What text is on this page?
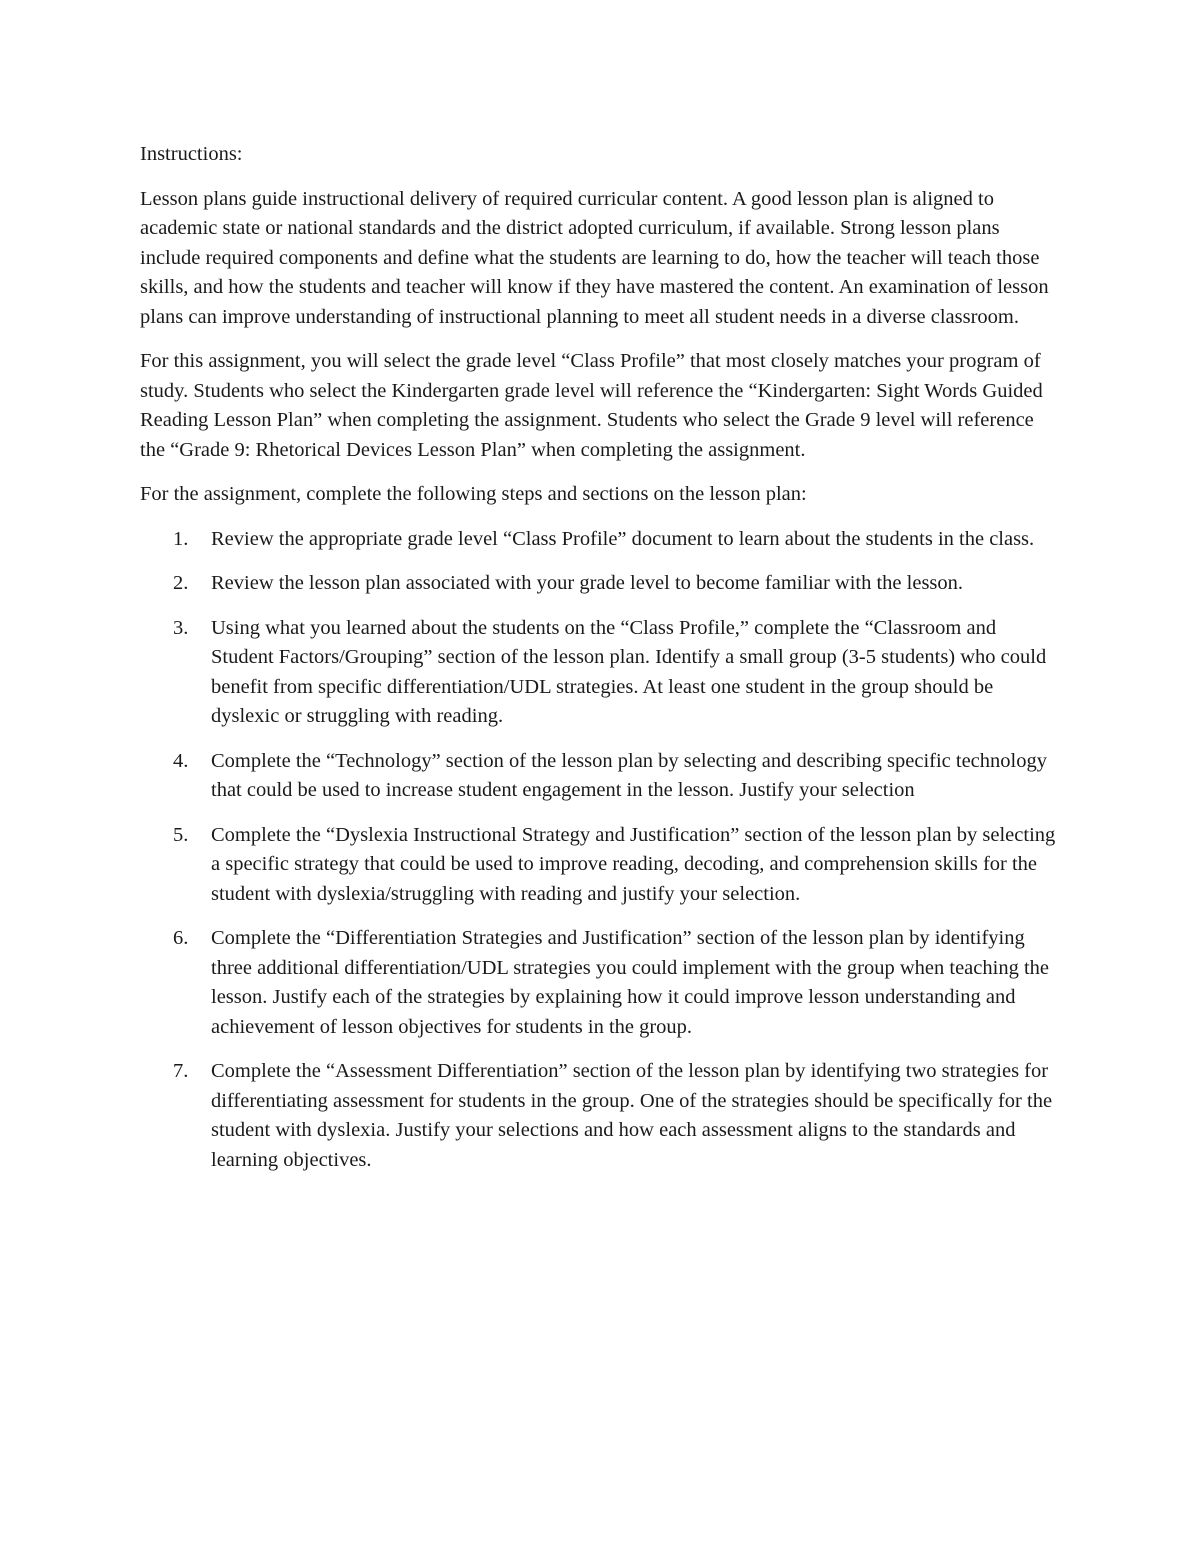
Instructions:

Lesson plans guide instructional delivery of required curricular content. A good lesson plan is aligned to academic state or national standards and the district adopted curriculum, if available. Strong lesson plans include required components and define what the students are learning to do, how the teacher will teach those skills, and how the students and teacher will know if they have mastered the content. An examination of lesson plans can improve understanding of instructional planning to meet all student needs in a diverse classroom.

For this assignment, you will select the grade level “Class Profile” that most closely matches your program of study. Students who select the Kindergarten grade level will reference the “Kindergarten: Sight Words Guided Reading Lesson Plan” when completing the assignment. Students who select the Grade 9 level will reference the “Grade 9: Rhetorical Devices Lesson Plan” when completing the assignment.

For the assignment, complete the following steps and sections on the lesson plan:

1.	Review the appropriate grade level “Class Profile” document to learn about the students in the class.
2.	Review the lesson plan associated with your grade level to become familiar with the lesson.
3.	Using what you learned about the students on the “Class Profile,” complete the “Classroom and Student Factors/Grouping” section of the lesson plan. Identify a small group (3-5 students) who could benefit from specific differentiation/UDL strategies. At least one student in the group should be dyslexic or struggling with reading.
4.	Complete the “Technology” section of the lesson plan by selecting and describing specific technology that could be used to increase student engagement in the lesson. Justify your selection
5.	Complete the “Dyslexia Instructional Strategy and Justification” section of the lesson plan by selecting a specific strategy that could be used to improve reading, decoding, and comprehension skills for the student with dyslexia/struggling with reading and justify your selection.
6.	Complete the “Differentiation Strategies and Justification” section of the lesson plan by identifying three additional differentiation/UDL strategies you could implement with the group when teaching the lesson. Justify each of the strategies by explaining how it could improve lesson understanding and achievement of lesson objectives for students in the group.
7.	Complete the “Assessment Differentiation” section of the lesson plan by identifying two strategies for differentiating assessment for students in the group. One of the strategies should be specifically for the student with dyslexia. Justify your selections and how each assessment aligns to the standards and learning objectives.
